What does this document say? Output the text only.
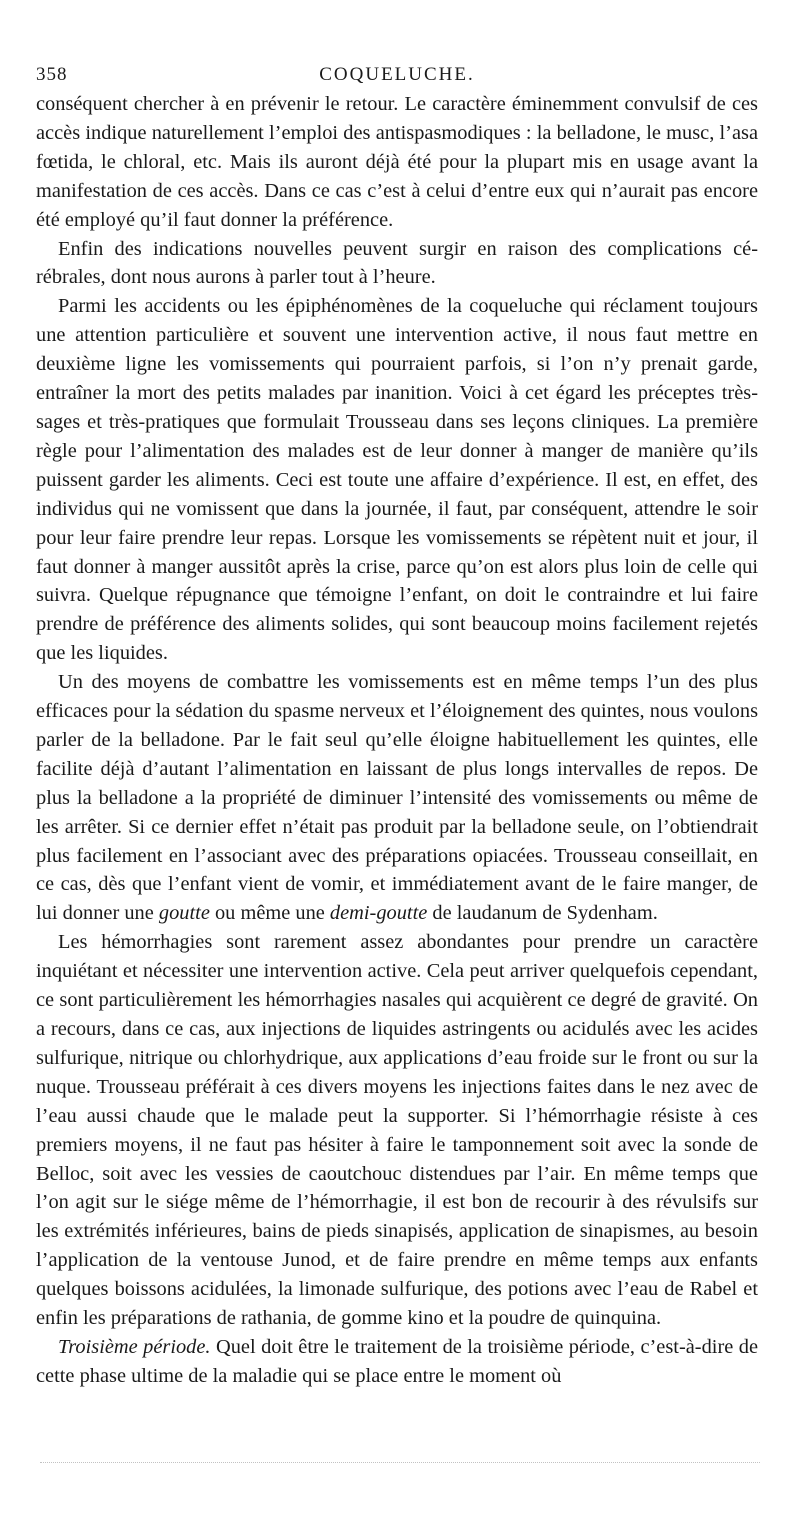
358	COQUELUCHE.

conséquent chercher à en prévenir le retour. Le caractère éminemment convulsif de ces accès indique naturellement l’emploi des antispasmodiques : la belladone, le musc, l’asa fœtida, le chloral, etc. Mais ils auront déjà été pour la plupart mis en usage avant la manifestation de ces accès. Dans ce cas c’est à celui d’entre eux qui n’aurait pas encore été employé qu’il faut donner la préférence.

Enfin des indications nouvelles peuvent surgir en raison des complications cérébrales, dont nous aurons à parler tout à l’heure.

Parmi les accidents ou les épiphénomènes de la coqueluche qui réclament toujours une attention particulière et souvent une intervention active, il nous faut mettre en deuxième ligne les vomissements qui pourraient parfois, si l’on n’y prenait garde, entraîner la mort des petits malades par inanition. Voici à cet égard les préceptes très-sages et très-pratiques que formulait Trousseau dans ses leçons cliniques. La première règle pour l’alimentation des malades est de leur donner à manger de manière qu’ils puissent garder les aliments. Ceci est toute une affaire d’expérience. Il est, en effet, des individus qui ne vomissent que dans la journée, il faut, par conséquent, attendre le soir pour leur faire prendre leur repas. Lorsque les vomissements se répètent nuit et jour, il faut donner à manger aussitôt après la crise, parce qu’on est alors plus loin de celle qui suivra. Quelque répugnance que témoigne l’enfant, on doit le contraindre et lui faire prendre de préférence des aliments solides, qui sont beaucoup moins facilement rejetés que les liquides.

Un des moyens de combattre les vomissements est en même temps l’un des plus efficaces pour la sédation du spasme nerveux et l’éloignement des quintes, nous voulons parler de la belladone. Par le fait seul qu’elle éloigne habituellement les quintes, elle facilite déjà d’autant l’alimentation en laissant de plus longs intervalles de repos. De plus la belladone a la propriété de diminuer l’intensité des vomissements ou même de les arrêter. Si ce dernier effet n’était pas produit par la belladone seule, on l’obtiendrait plus facilement en l’associant avec des préparations opiacées. Trousseau conseillait, en ce cas, dès que l’enfant vient de vomir, et immédiatement avant de le faire manger, de lui donner une goutte ou même une demi-goutte de laudanum de Sydenham.

Les hémorrhagies sont rarement assez abondantes pour prendre un caractère inquiétant et nécessiter une intervention active. Cela peut arriver quelquefois cependant, ce sont particulièrement les hémorrhagies nasales qui acquièrent ce degré de gravité. On a recours, dans ce cas, aux injections de liquides astringents ou acidulés avec les acides sulfurique, nitrique ou chlorhydrique, aux applications d’eau froide sur le front ou sur la nuque. Trousseau préférait à ces divers moyens les injections faites dans le nez avec de l’eau aussi chaude que le malade peut la supporter. Si l’hémorrhagie résiste à ces premiers moyens, il ne faut pas hésiter à faire le tamponnement soit avec la sonde de Belloc, soit avec les vessies de caoutchouc distendues par l’air. En même temps que l’on agit sur le siége même de l’hémorrhagie, il est bon de recourir à des révulsifs sur les extrémités inférieures, bains de pieds sinapisés, application de sinapismes, au besoin l’application de la ventouse Junod, et de faire prendre en même temps aux enfants quelques boissons acidulées, la limonade sulfurique, des potions avec l’eau de Rabel et enfin les préparations de rathania, de gomme kino et la poudre de quinquina.

Troisième période. Quel doit être le traitement de la troisième période, c’est-à-dire de cette phase ultime de la maladie qui se place entre le moment où
